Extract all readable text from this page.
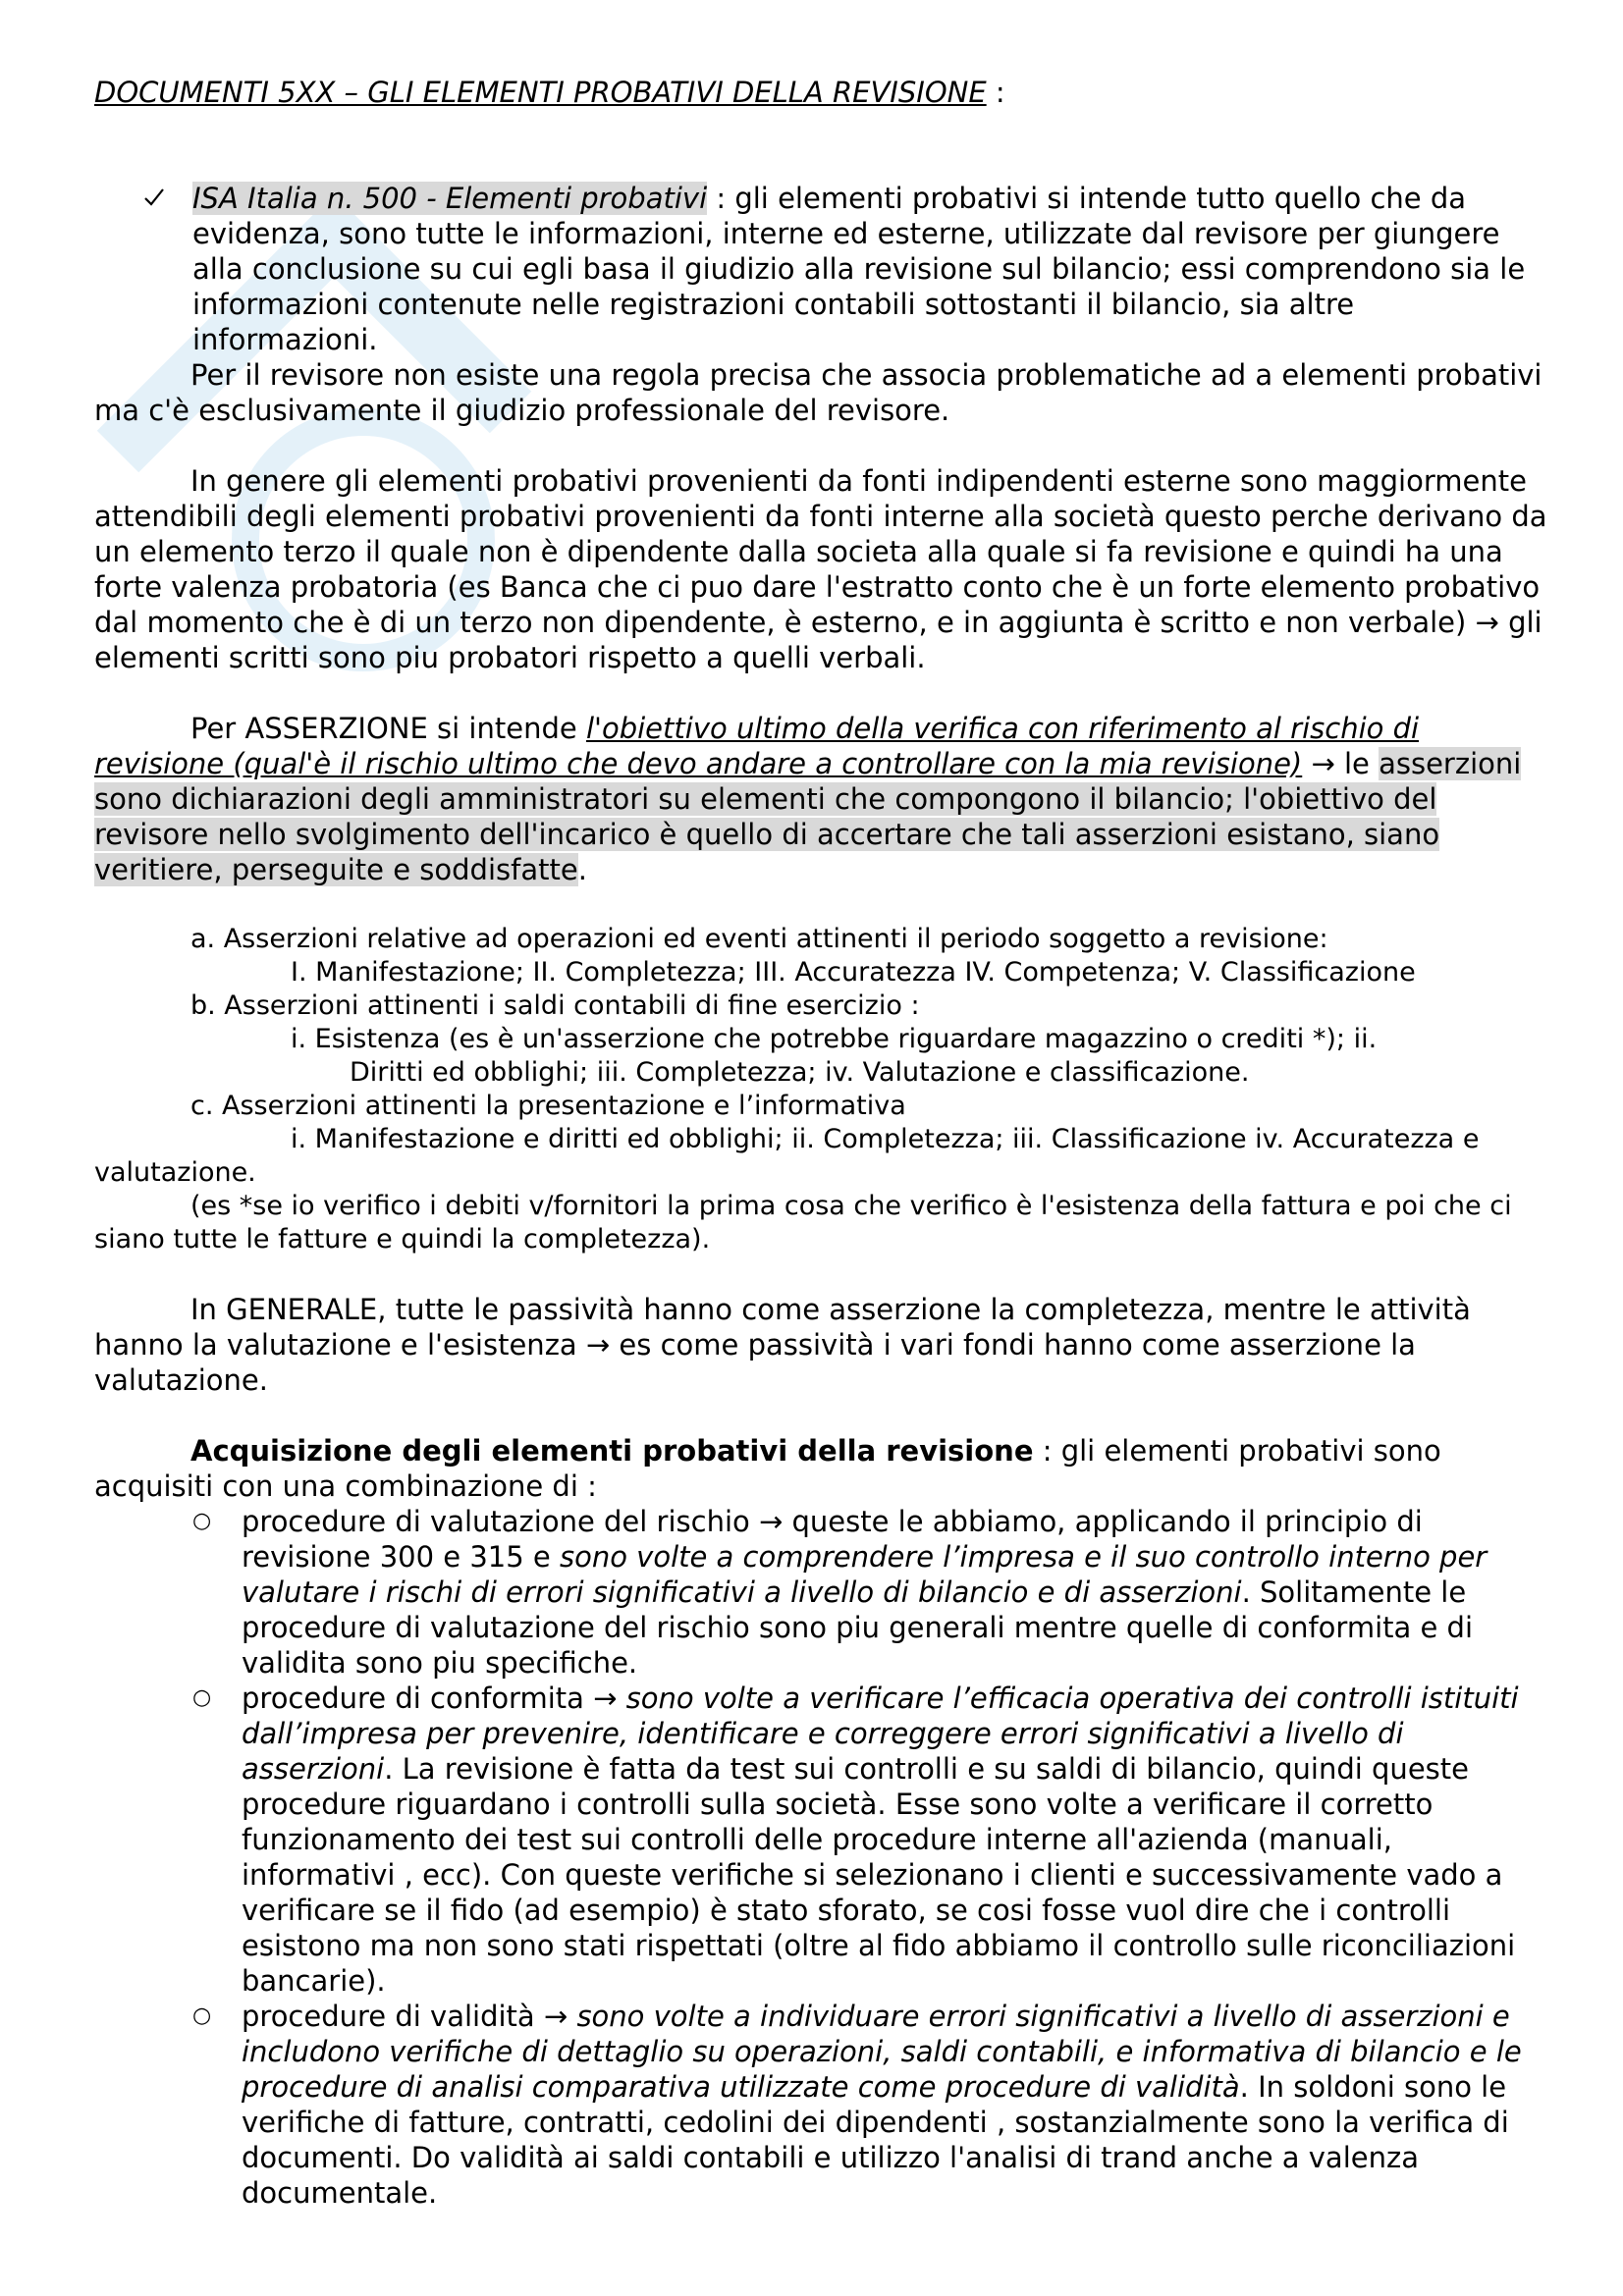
DOCUMENTI 5XX – GLI ELEMENTI PROBATIVI DELLA REVISIONE :

ISA Italia n. 500 - Elementi probativi : gli elementi probativi si intende tutto quello che da evidenza, sono tutte le informazioni, interne ed esterne, utilizzate dal revisore per giungere alla conclusione su cui egli basa il giudizio alla revisione sul bilancio; essi comprendono sia le informazioni contenute nelle registrazioni contabili sottostanti il bilancio, sia altre informazioni.

Per il revisore non esiste una regola precisa che associa problematiche ad a elementi probativi ma c'è esclusivamente il giudizio professionale del revisore.

In genere gli elementi probativi provenienti da fonti indipendenti esterne sono maggiormente attendibili degli elementi probativi provenienti da fonti interne alla società questo perche derivano da un elemento terzo il quale non è dipendente dalla societa alla quale si fa revisione e quindi ha una forte valenza probatoria (es Banca che ci puo dare l'estratto conto che è un forte elemento probativo dal momento che è di un terzo non dipendente, è esterno, e in aggiunta è scritto e non verbale) → gli elementi scritti sono piu probatori rispetto a quelli verbali.

Per ASSERZIONE si intende l'obiettivo ultimo della verifica con riferimento al rischio di revisione (qual'è il rischio ultimo che devo andare a controllare con la mia revisione) → le asserzioni sono dichiarazioni degli amministratori su elementi che compongono il bilancio; l'obiettivo del revisore nello svolgimento dell'incarico è quello di accertare che tali asserzioni esistano, siano veritiere, perseguite e soddisfatte.

a. Asserzioni relative ad operazioni ed eventi attinenti il periodo soggetto a revisione:

I. Manifestazione; II. Completezza; III. Accuratezza IV. Competenza; V. Classificazione

b. Asserzioni attinenti i saldi contabili di fine esercizio :

i. Esistenza (es è un'asserzione che potrebbe riguardare magazzino o crediti *); ii.

Diritti ed obblighi; iii. Completezza; iv. Valutazione e classificazione.

c. Asserzioni attinenti la presentazione e l’informativa

i. Manifestazione e diritti ed obblighi; ii. Completezza; iii. Classificazione iv. Accuratezza e valutazione.

(es *se io verifico i debiti v/fornitori la prima cosa che verifico è l'esistenza della fattura e poi che ci siano tutte le fatture e quindi la completezza).

In GENERALE, tutte le passività hanno come asserzione la completezza, mentre le attività hanno la valutazione e l'esistenza → es come passività i vari fondi hanno come asserzione la valutazione.

Acquisizione degli elementi probativi della revisione : gli elementi probativi sono acquisiti con una combinazione di :

○	procedure di valutazione del rischio → queste le abbiamo, applicando il principio di revisione 300 e 315 e sono volte a comprendere l’impresa e il suo controllo interno per valutare i rischi di errori significativi a livello di bilancio e di asserzioni. Solitamente le procedure di valutazione del rischio sono piu generali mentre quelle di conformita e di validita sono piu specifiche.
○	procedure di conformita → sono volte a verificare l’efficacia operativa dei controlli istituiti dall’impresa per prevenire, identificare e correggere errori significativi a livello di asserzioni. La revisione è fatta da test sui controlli e su saldi di bilancio, quindi queste procedure riguardano i controlli sulla società. Esse sono volte a verificare il corretto funzionamento dei test sui controlli delle procedure interne all'azienda (manuali, informativi , ecc). Con queste verifiche si selezionano i clienti e successivamente vado a verificare se il fido (ad esempio) è stato sforato, se cosi fosse vuol dire che i controlli esistono ma non sono stati rispettati (oltre al fido abbiamo il controllo sulle riconciliazioni bancarie).
○	procedure di validità → sono volte a individuare errori significativi a livello di asserzioni e includono verifiche di dettaglio su operazioni, saldi contabili, e informativa di bilancio e le procedure di analisi comparativa utilizzate come procedure di validità. In soldoni sono le verifiche di fatture, contratti, cedolini dei dipendenti , sostanzialmente sono la verifica di documenti. Do validità ai saldi contabili e utilizzo l'analisi di trand anche a valenza documentale.
